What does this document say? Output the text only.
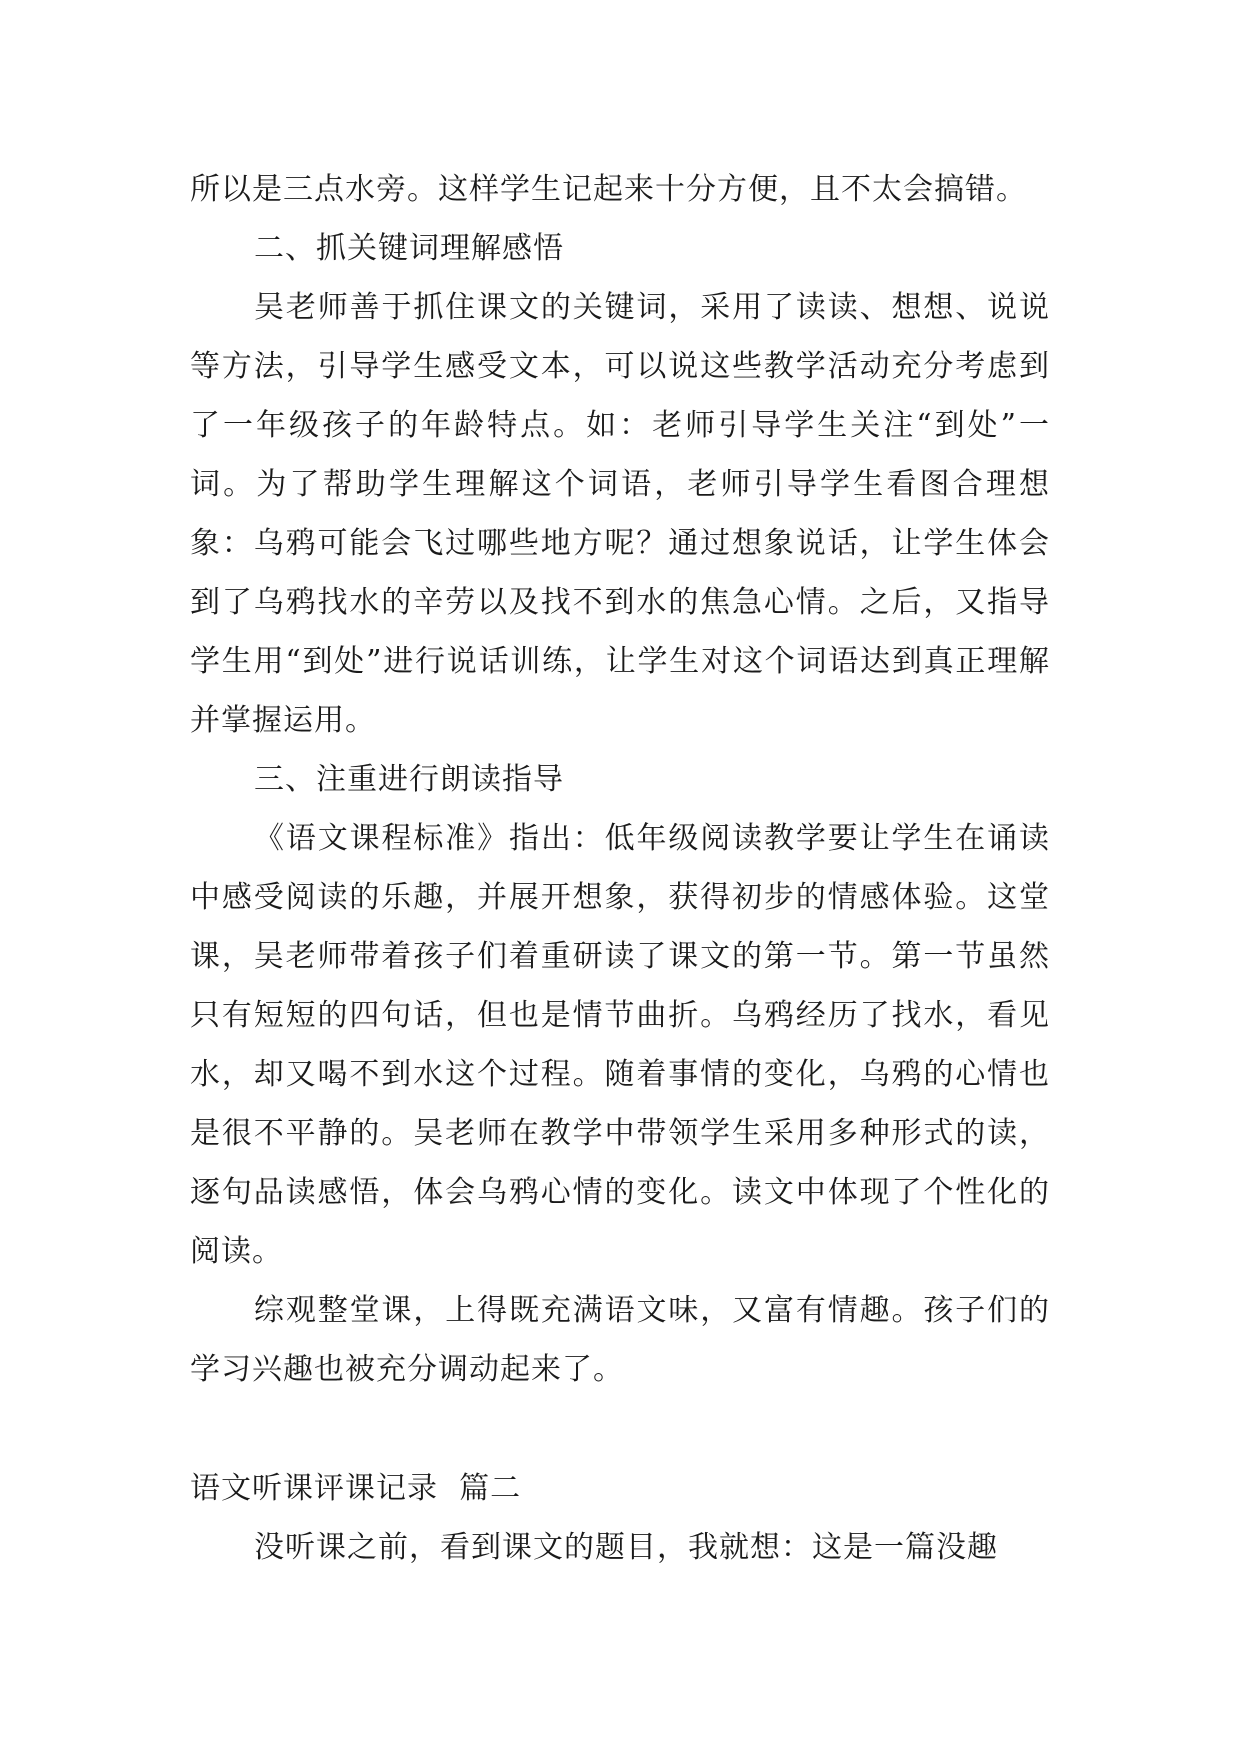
所以是三点水旁。这样学生记起来十分方便，且不太会搞错。

二、抓关键词理解感悟

吴老师善于抓住课文的关键词，采用了读读、想想、说说等方法，引导学生感受文本，可以说这些教学活动充分考虑到了一年级孩子的年龄特点。如：老师引导学生关注“到处”一词。为了帮助学生理解这个词语，老师引导学生看图合理想象：乌鸦可能会飞过哪些地方呢？通过想象说话，让学生体会到了乌鸦找水的辛劳以及找不到水的焦急心情。之后，又指导学生用“到处”进行说话训练，让学生对这个词语达到真正理解并掌握运用。

三、注重进行朗读指导

《语文课程标准》指出：低年级阅读教学要让学生在诵读中感受阅读的乐趣，并展开想象，获得初步的情感体验。这堂课，吴老师带着孩子们着重研读了课文的第一节。第一节虽然只有短短的四句话，但也是情节曲折。乌鸦经历了找水，看见水，却又喝不到水这个过程。随着事情的变化，乌鸦的心情也是很不平静的。吴老师在教学中带领学生采用多种形式的读，逐句品读感悟，体会乌鸦心情的变化。读文中体现了个性化的阅读。

综观整堂课，上得既充满语文味，又富有情趣。孩子们的学习兴趣也被充分调动起来了。

语文听课评课记录  篇二

没听课之前，看到课文的题目，我就想：这是一篇没趣
